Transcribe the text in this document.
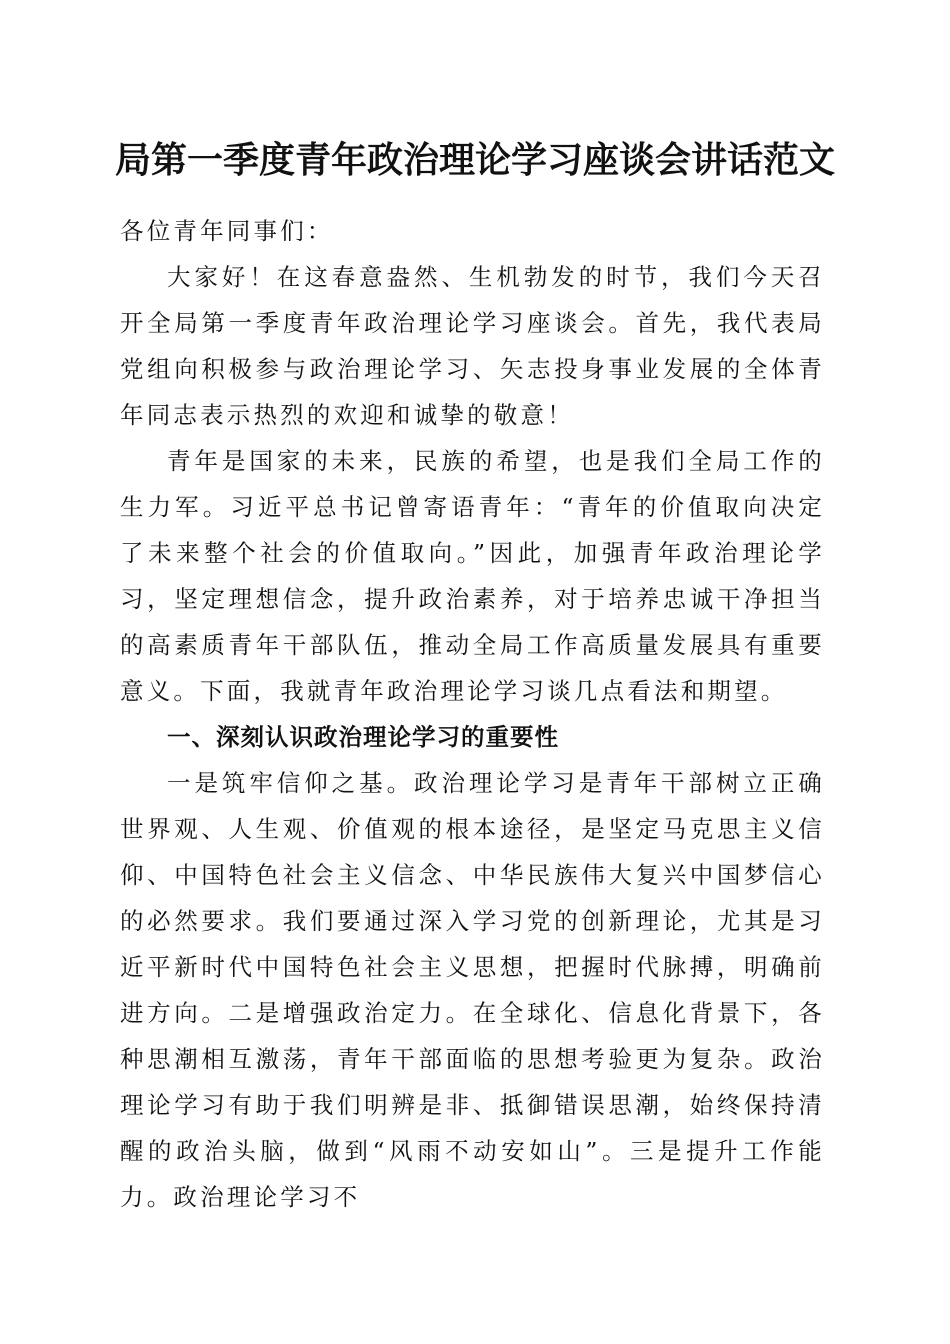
局第一季度青年政治理论学习座谈会讲话范文

各位青年同事们：

大家好！在这春意盎然、生机勃发的时节，我们今天召开全局第一季度青年政治理论学习座谈会。首先，我代表局党组向积极参与政治理论学习、矢志投身事业发展的全体青年同志表示热烈的欢迎和诚挚的敬意！

青年是国家的未来，民族的希望，也是我们全局工作的生力军。习近平总书记曾寄语青年：“青年的价值取向决定了未来整个社会的价值取向。”因此，加强青年政治理论学习，坚定理想信念，提升政治素养，对于培养忠诚干净担当的高素质青年干部队伍，推动全局工作高质量发展具有重要意义。下面，我就青年政治理论学习谈几点看法和期望。

一、深刻认识政治理论学习的重要性

一是筑牢信仰之基。政治理论学习是青年干部树立正确世界观、人生观、价值观的根本途径，是坚定马克思主义信仰、中国特色社会主义信念、中华民族伟大复兴中国梦信心的必然要求。我们要通过深入学习党的创新理论，尤其是习近平新时代中国特色社会主义思想，把握时代脉搏，明确前进方向。二是增强政治定力。在全球化、信息化背景下，各种思潮相互激荡，青年干部面临的思想考验更为复杂。政治理论学习有助于我们明辨是非、抵御错误思潮，始终保持清醒的政治头脑，做到“风雨不动安如山”。三是提升工作能力。政治理论学习不
